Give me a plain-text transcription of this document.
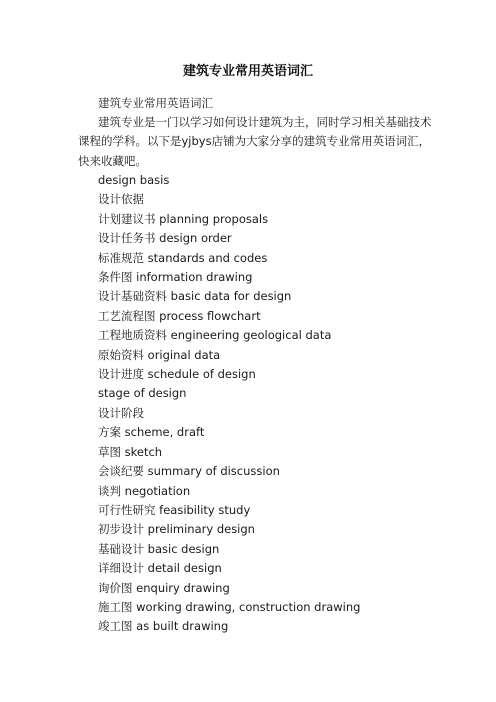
建筑专业常用英语词汇

建筑专业常用英语词汇

建筑专业是一门以学习如何设计建筑为主，同时学习相关基础技术课程的学科。以下是yjbys店铺为大家分享的建筑专业常用英语词汇，快来收藏吧。

design basis
设计依据
计划建议书 planning proposals
设计任务书 design order
标准规范 standards and codes
条件图 information drawing
设计基础资料 basic data for design
工艺流程图 process flowchart
工程地质资料 engineering geological data
原始资料 original data
设计进度 schedule of design
stage of design
设计阶段
方案 scheme, draft
草图 sketch
会谈纪要 summary of discussion
谈判 negotiation
可行性研究 feasibility study
初步设计 preliminary design
基础设计 basic design
详细设计 detail design
询价图 enquiry drawing
施工图 working drawing, construction drawing
竣工图 as built drawing
